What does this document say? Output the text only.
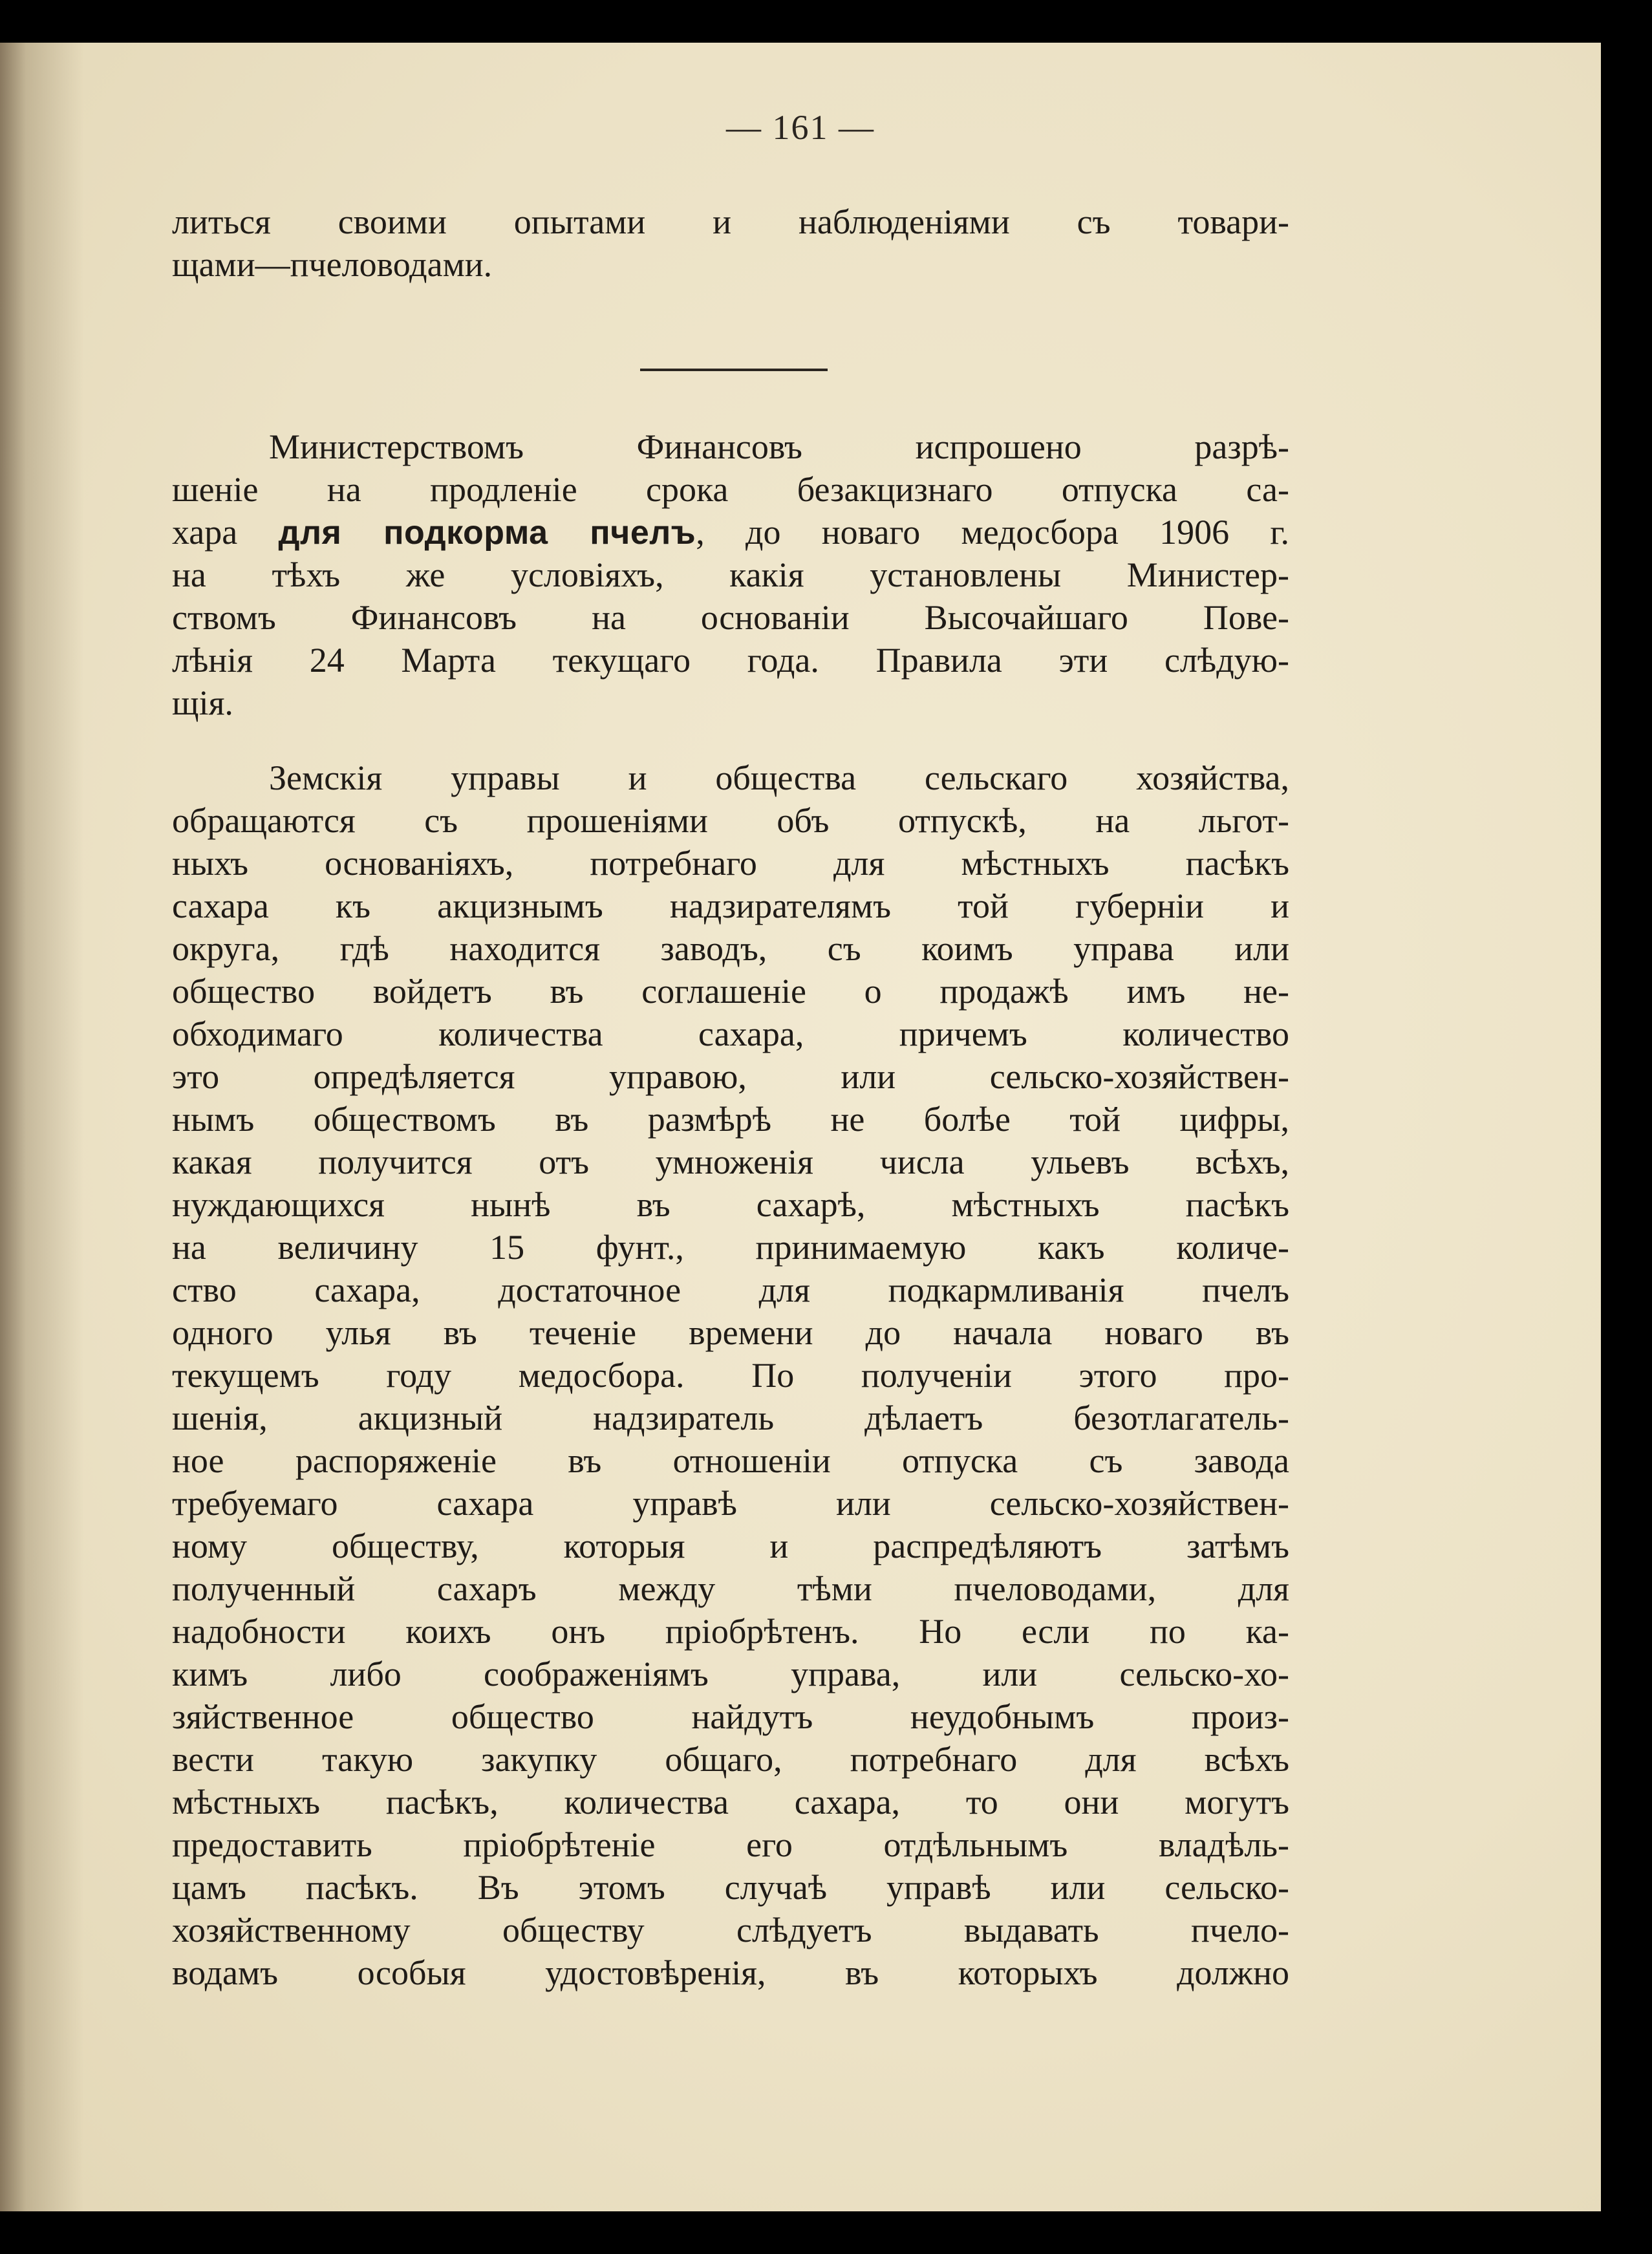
— 161 —
литься своими опытами и наблюденіями съ товари-
щами—пчеловодами.
Министерствомъ Финансовъ испрошено разрѣ-
шеніе на продленіе срока безакцизнаго отпуска са-
хара для подкорма пчелъ, до новаго медосбора 1906 г.
на тѣхъ же условіяхъ, какія установлены Министер-
ствомъ Финансовъ на основаніи Высочайшаго Пове-
лѣнія 24 Марта текущаго года. Правила эти слѣдую-
щія.
Земскія управы и общества сельскаго хозяйства,
обращаются съ прошеніями объ отпускѣ, на льгот-
ныхъ основаніяхъ, потребнаго для мѣстныхъ пасѣкъ
сахара къ акцизнымъ надзирателямъ той губерніи и
округа, гдѣ находится заводъ, съ коимъ управа или
общество войдетъ въ соглашеніе о продажѣ имъ не-
обходимаго количества сахара, причемъ количество
это опредѣляется управою, или сельско-хозяйствен-
нымъ обществомъ въ размѣрѣ не болѣе той цифры,
какая получится отъ умноженія числа ульевъ всѣхъ,
нуждающихся нынѣ въ сахарѣ, мѣстныхъ пасѣкъ
на величину 15 фунт., принимаемую какъ количе-
ство сахара, достаточное для подкармливанія пчелъ
одного улья въ теченіе времени до начала новаго въ
текущемъ году медосбора. По полученіи этого про-
шенія, акцизный надзиратель дѣлаетъ безотлагатель-
ное распоряженіе въ отношеніи отпуска съ завода
требуемаго сахара управѣ или сельско-хозяйствен-
ному обществу, которыя и распредѣляютъ затѣмъ
полученный сахаръ между тѣми пчеловодами, для
надобности коихъ онъ пріобрѣтенъ. Но если по ка-
кимъ либо соображеніямъ управа, или сельско-хо-
зяйственное общество найдутъ неудобнымъ произ-
вести такую закупку общаго, потребнаго для всѣхъ
мѣстныхъ пасѣкъ, количества сахара, то они могутъ
предоставить пріобрѣтеніе его отдѣльнымъ владѣль-
цамъ пасѣкъ. Въ этомъ случаѣ управѣ или сельско-
хозяйственному обществу слѣдуетъ выдавать пчело-
водамъ особыя удостовѣренія, въ которыхъ должно
